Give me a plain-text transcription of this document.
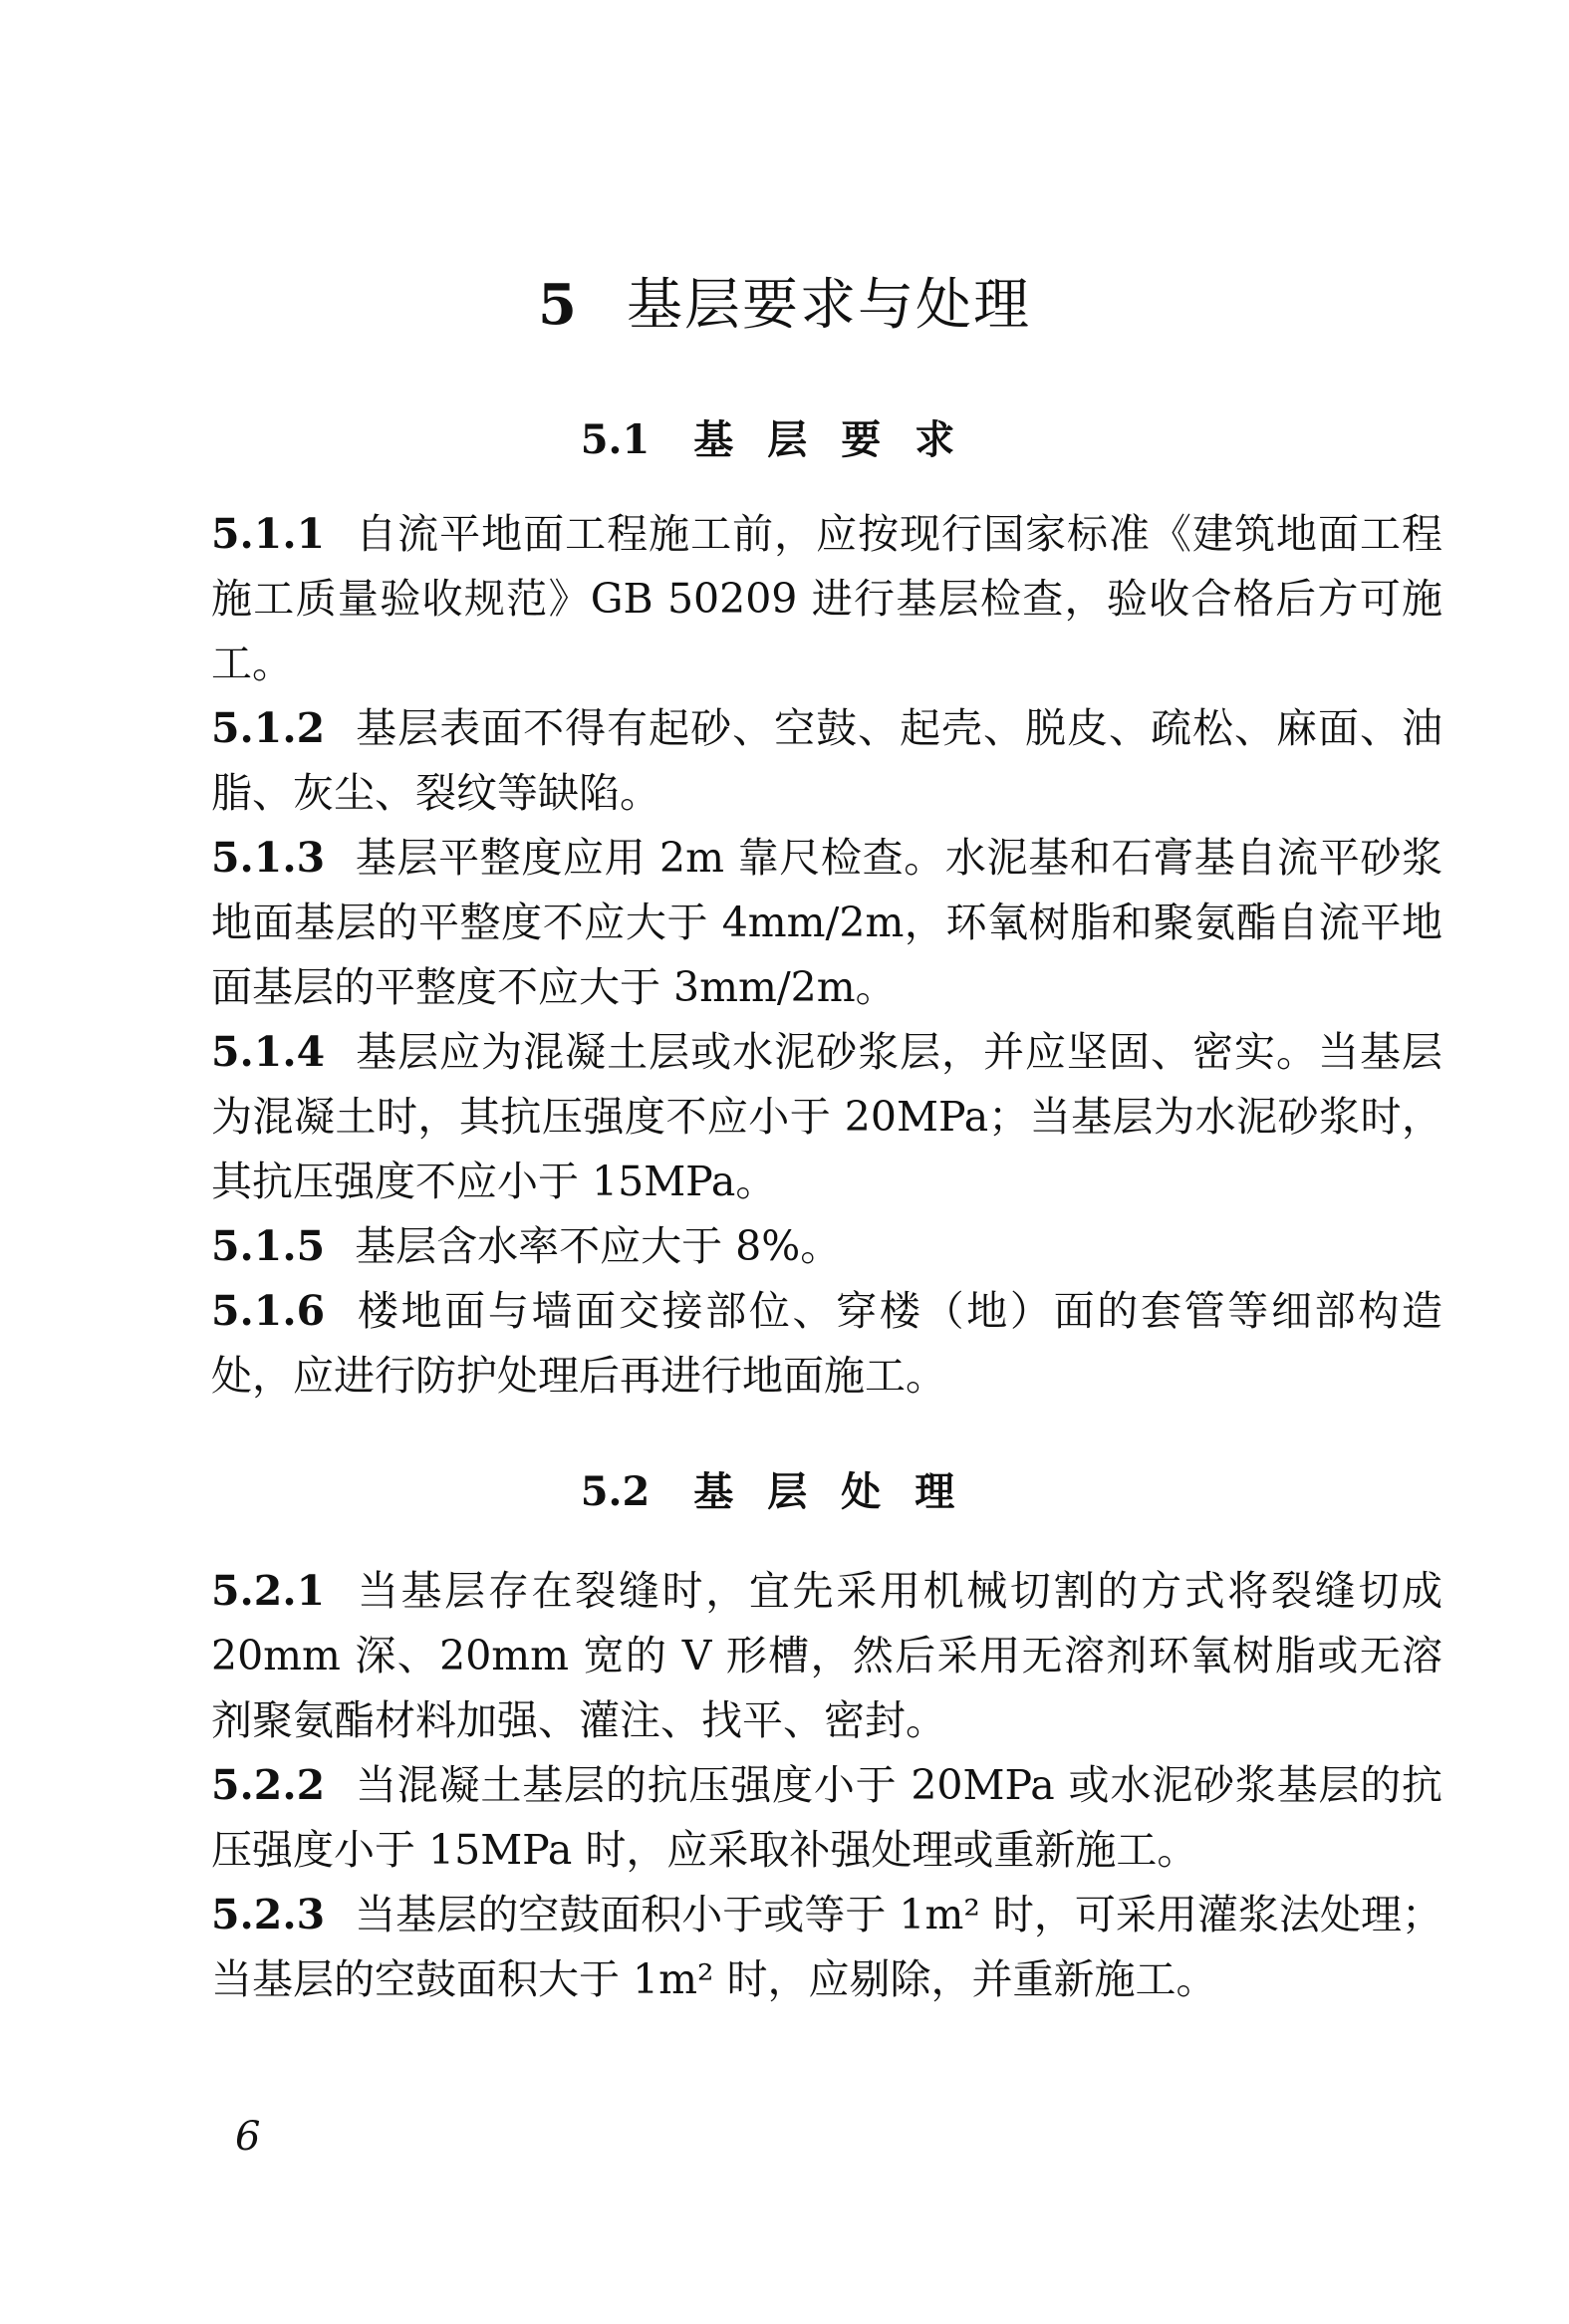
5 基层要求与处理
5.1 基层要求

5.1.1 自流平地面工程施工前，应按现行国家标准《建筑地面工程施工质量验收规范》GB 50209 进行基层检查，验收合格后方可施工。

5.1.2 基层表面不得有起砂、空鼓、起壳、脱皮、疏松、麻面、油脂、灰尘、裂纹等缺陷。

5.1.3 基层平整度应用 2m 靠尺检查。水泥基和石膏基自流平砂浆地面基层的平整度不应大于 4mm/2m，环氧树脂和聚氨酯自流平地面基层的平整度不应大于 3mm/2m。

5.1.4 基层应为混凝土层或水泥砂浆层，并应坚固、密实。当基层为混凝土时，其抗压强度不应小于 20MPa；当基层为水泥砂浆时，其抗压强度不应小于 15MPa。

5.1.5 基层含水率不应大于 8%。

5.1.6 楼地面与墙面交接部位、穿楼（地）面的套管等细部构造处，应进行防护处理后再进行地面施工。

5.2 基层处理

5.2.1 当基层存在裂缝时，宜先采用机械切割的方式将裂缝切成 20mm 深、20mm 宽的 V 形槽，然后采用无溶剂环氧树脂或无溶剂聚氨酯材料加强、灌注、找平、密封。

5.2.2 当混凝土基层的抗压强度小于 20MPa 或水泥砂浆基层的抗压强度小于 15MPa 时，应采取补强处理或重新施工。

5.2.3 当基层的空鼓面积小于或等于 1m² 时，可采用灌浆法处理；当基层的空鼓面积大于 1m² 时，应剔除，并重新施工。

6
